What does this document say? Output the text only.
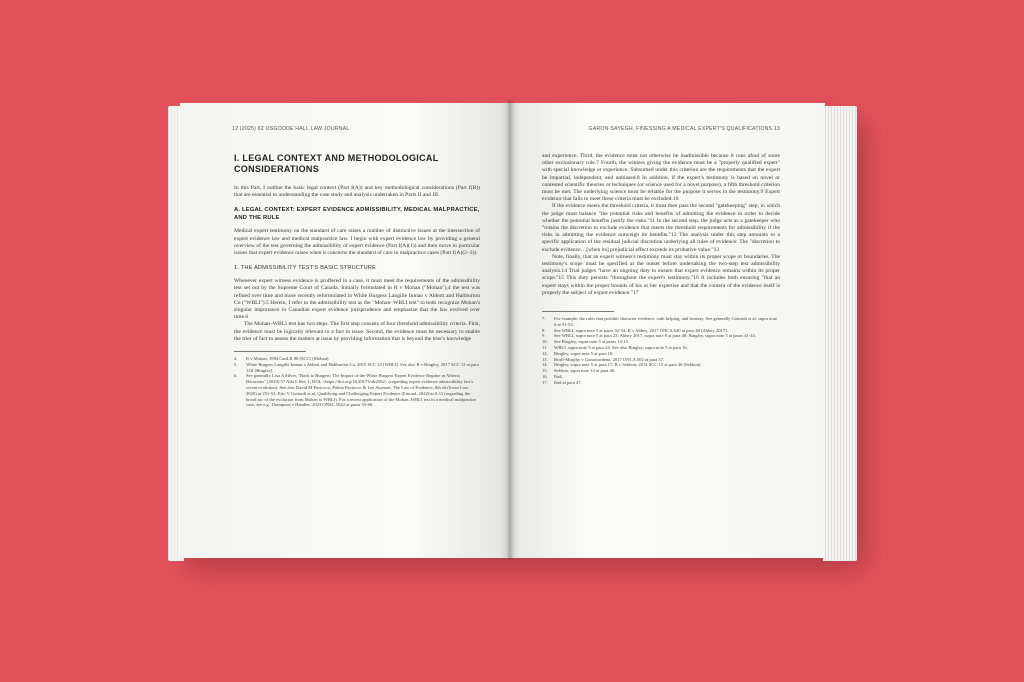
12 (2025) 62 OSGOODE HALL LAW JOURNAL
I. LEGAL CONTEXT AND METHODOLOGICAL CONSIDERATIONS

In this Part, I outline the basic legal context (Part I(A)) and key methodological considerations (Part I(B)) that are essential to understanding the case study and analysis undertaken in Parts II and III.

A. LEGAL CONTEXT: EXPERT EVIDENCE ADMISSIBILITY, MEDICAL MALPRACTICE, AND THE RULE

Medical expert testimony on the standard of care raises a number of distinctive issues at the intersection of expert evidence law and medical malpractice law. I begin with expert evidence law by providing a general overview of the test governing the admissibility of expert evidence (Part I(A)(1)) and then move to particular issues that expert evidence raises when it concerns the standard of care in malpractice cases (Part I(A)(2–3)).

1. THE ADMISSIBILITY TEST'S BASIC STRUCTURE

Whenever expert witness evidence is proffered in a case, it must meet the requirements of the admissibility test set out by the Supreme Court of Canada. Initially formulated in R v Mohan ("Mohan"),4 the test was refined over time and more recently reformulated in White Burgess Langille Inman v Abbott and Haliburton Co ("WBLI").5 Herein, I refer to the admissibility test as the "Mohan–WBLI test" to both recognize Mohan's singular importance in Canadian expert evidence jurisprudence and emphasize that the law evolved over time.6

The Mohan–WBLI test has two steps. The first step consists of four threshold admissibility criteria. First, the evidence must be logically relevant to a fact in issue. Second, the evidence must be necessary to enable the trier of fact to assess the matters at issue by providing information that is beyond the trier's knowledge

4.	R v Mohan, 1994 CanLII 80 (SCC) [Mohan].
5.	White Burgess Langille Inman v Abbott and Haliburton Co, 2015 SCC 23 [WBLI]. See also R v Bingley, 2017 SCC 12 at para 13ff [Bingley].
6.	See generally Lisa A Silver, "Back to Burgess: The Impact of the White Burgess Expert Evidence Regime in Alberta Decisions" (2019) 57 Alta L Rev 1, DOI: <https://doi.org/10.29173/alr2562> (regarding expert evidence admissibility law's recent evolution). See also David M Paciocco, Palma Paciocco & Lee Stuesser, The Law of Evidence, 8th ed (Irwin Law, 2020) at 251-52; Eric V Gottardi et al, Qualifying and Challenging Expert Evidence (Emond, 2022) at 6-11 (regarding the broad arc of the evolution from Mohan to WBLI). For a recent application of the Mohan–WBLI test in a medical malpractice case, see e.g. Thompson v Handler, 2023 ONSC 5042 at paras 55-66.
GARON-SAYEGH, FINESSING A MEDICAL EXPERT'S QUALIFICATIONS 13

and experience. Third, the evidence must not otherwise be inadmissible because it runs afoul of some other exclusionary rule.7 Fourth, the witness giving the evidence must be a "properly qualified expert" with special knowledge or experience. Subsumed under this criterion are the requirements that the expert be impartial, independent, and unbiased.8 In addition, if the expert's testimony is based on novel or contested scientific theories or techniques (or science used for a novel purpose), a fifth threshold criterion must be met: The underlying science must be reliable for the purpose it serves in the testimony.9 Expert evidence that fails to meet these criteria must be excluded.10

If the evidence meets the threshold criteria, it must then pass the second "gatekeeping" step, in which the judge must balance "the potential risks and benefits of admitting the evidence in order to decide whether the potential benefits justify the risks."11 In the second step, the judge acts as a gatekeeper who "retains the discretion to exclude evidence that meets the threshold requirements for admissibility if the risks in admitting the evidence outweigh its benefits."12 The analysis under this step amounts to a specific application of the residual judicial discretion underlying all rules of evidence: The "discretion to exclude evidence…[when its] prejudicial effect exceeds its probative value."13

Note, finally, that an expert witness's testimony must stay within its proper scope or boundaries. The testimony's scope must be specified at the outset before undertaking the two-step test admissibility analysis.14 Trial judges "have an ongoing duty to ensure that expert evidence remains within its proper scope."15 This duty persists "throughout the expert's testimony."16 It includes both ensuring "that an expert stays within the proper bounds of his or her expertise and that the content of the evidence itself is properly the subject of expert evidence."17

7.	For example, the rules that prohibit character evidence, oath helping, and hearsay. See generally Gottardi et al, supra note 6 at 51-53.
8.	See WBLI, supra note 5 at paras 52-54; R v Abbey, 2017 ONCA 640 at para 48 [Abbey 2017].
9.	See WBLI, supra note 5 at para 23; Abbey 2017, supra note 8 at para 48; Bingley, supra note 5 at paras 41-43.
10.	See Bingley, supra note 5 at paras 14-15.
11.	WBLI, supra note 5 at para 24. See also Bingley, supra note 5 at para 16.
12.	Bingley, supra note 5 at para 16.
13.	Bruff-Murphy v Gunawardena, 2017 ONCA 502 at para 37.
14.	Bingley, supra note 5 at para 17; R v Sekhon, 2014 SCC 15 at para 46 [Sekhon].
15.	Sekhon, supra note 14 at para 46.
16.	Ibid.
17.	Ibid at para 47.
